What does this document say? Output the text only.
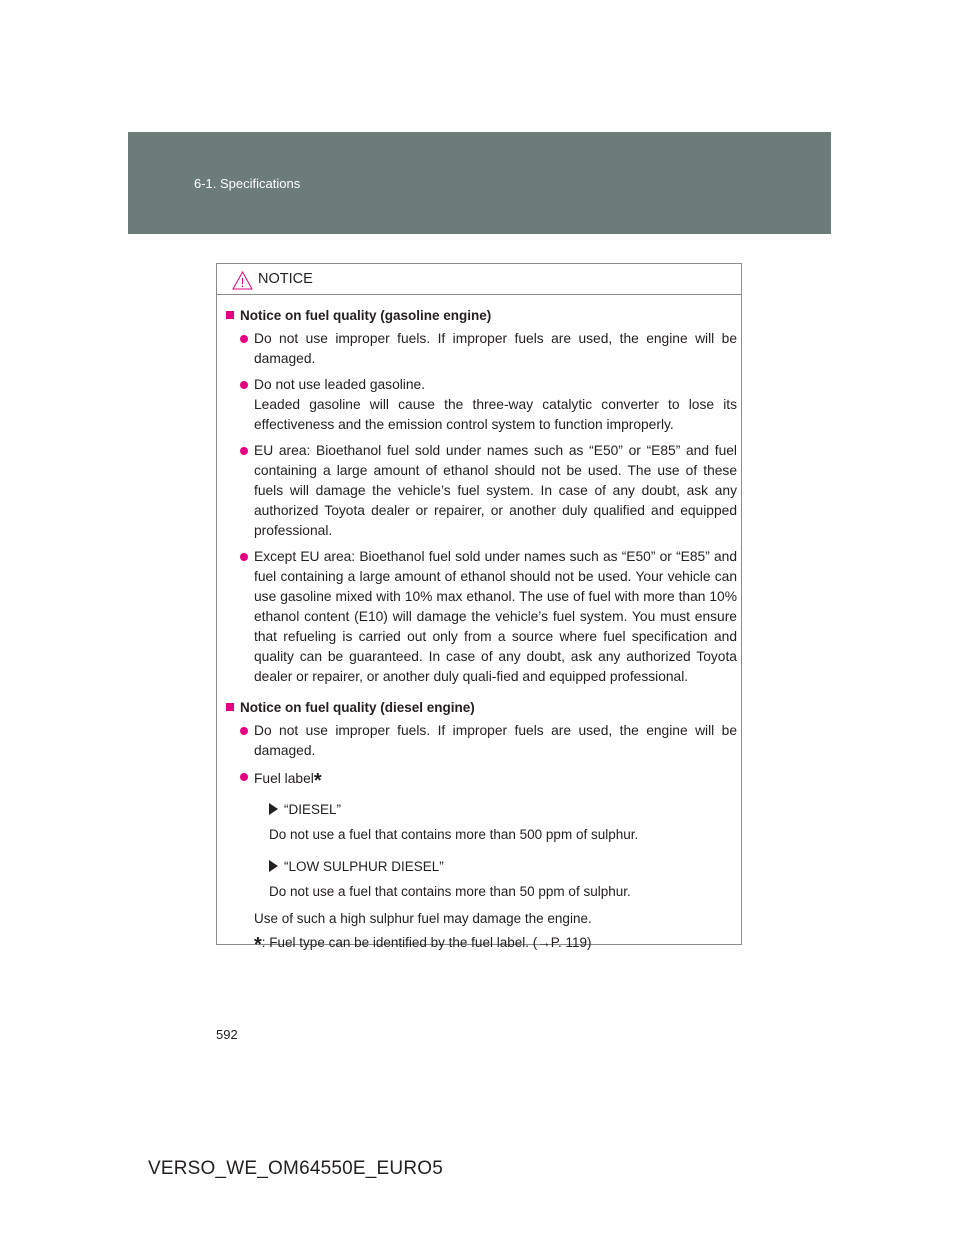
6-1. Specifications
NOTICE
Notice on fuel quality (gasoline engine)

Do not use improper fuels. If improper fuels are used, the engine will be damaged.

Do not use leaded gasoline.

Leaded gasoline will cause the three-way catalytic converter to lose its effectiveness and the emission control system to function improperly.

EU area: Bioethanol fuel sold under names such as “E50” or “E85” and fuel containing a large amount of ethanol should not be used. The use of these fuels will damage the vehicle’s fuel system. In case of any doubt, ask any authorized Toyota dealer or repairer, or another duly qualified and equipped professional.

Except EU area: Bioethanol fuel sold under names such as “E50” or “E85” and fuel containing a large amount of ethanol should not be used. Your vehicle can use gasoline mixed with 10% max ethanol. The use of fuel with more than 10% ethanol content (E10) will damage the vehicle’s fuel system. You must ensure that refueling is carried out only from a source where fuel specification and quality can be guaranteed. In case of any doubt, ask any authorized Toyota dealer or repairer, or another duly quali-fied and equipped professional.

Notice on fuel quality (diesel engine)

Do not use improper fuels. If improper fuels are used, the engine will be damaged.

Fuel label*

“DIESEL”
Do not use a fuel that contains more than 500 ppm of sulphur.
“LOW SULPHUR DIESEL”
Do not use a fuel that contains more than 50 ppm of sulphur.
Use of such a high sulphur fuel may damage the engine.
*: Fuel type can be identified by the fuel label. (→P. 119)
592
VERSO_WE_OM64550E_EURO5
